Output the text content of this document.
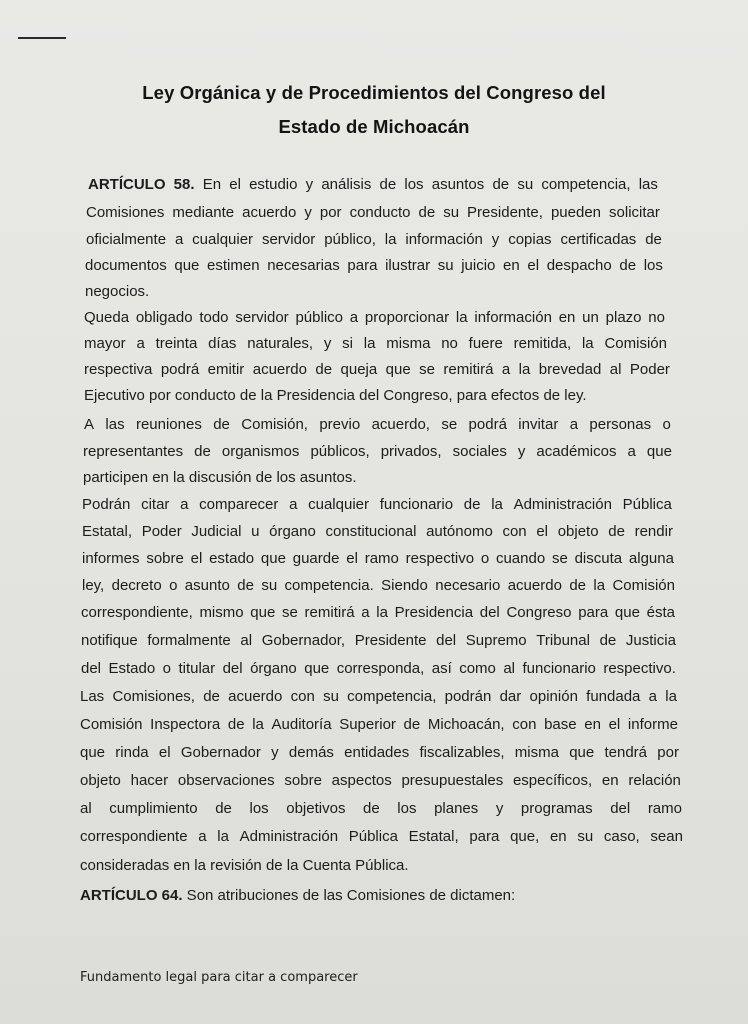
Ley Orgánica y de Procedimientos del Congreso del
Estado de Michoacán
ARTÍCULO 58. En el estudio y análisis de los asuntos de su competencia, las
Comisiones mediante acuerdo y por conducto de su Presidente, pueden solicitar
oficialmente a cualquier servidor público, la información y copias certificadas de
documentos que estimen necesarias para ilustrar su juicio en el despacho de los
negocios.
Queda obligado todo servidor público a proporcionar la información en un plazo no
mayor a treinta días naturales, y si la misma no fuere remitida, la Comisión
respectiva podrá emitir acuerdo de queja que se remitirá a la brevedad al Poder
Ejecutivo por conducto de la Presidencia del Congreso, para efectos de ley.
A las reuniones de Comisión, previo acuerdo, se podrá invitar a personas o
representantes de organismos públicos, privados, sociales y académicos a que
participen en la discusión de los asuntos.
Podrán citar a comparecer a cualquier funcionario de la Administración Pública
Estatal, Poder Judicial u órgano constitucional autónomo con el objeto de rendir
informes sobre el estado que guarde el ramo respectivo o cuando se discuta alguna
ley, decreto o asunto de su competencia. Siendo necesario acuerdo de la Comisión
correspondiente, mismo que se remitirá a la Presidencia del Congreso para que ésta
notifique formalmente al Gobernador, Presidente del Supremo Tribunal de Justicia
del Estado o titular del órgano que corresponda, así como al funcionario respectivo.
Las Comisiones, de acuerdo con su competencia, podrán dar opinión fundada a la
Comisión Inspectora de la Auditoría Superior de Michoacán, con base en el informe
que rinda el Gobernador y demás entidades fiscalizables, misma que tendrá por
objeto hacer observaciones sobre aspectos presupuestales específicos, en relación
al cumplimiento de los objetivos de los planes y programas del ramo
correspondiente a la Administración Pública Estatal, para que, en su caso, sean
consideradas en la revisión de la Cuenta Pública.
ARTÍCULO 64. Son atribuciones de las Comisiones de dictamen:
Fundamento legal para citar a comparecer
